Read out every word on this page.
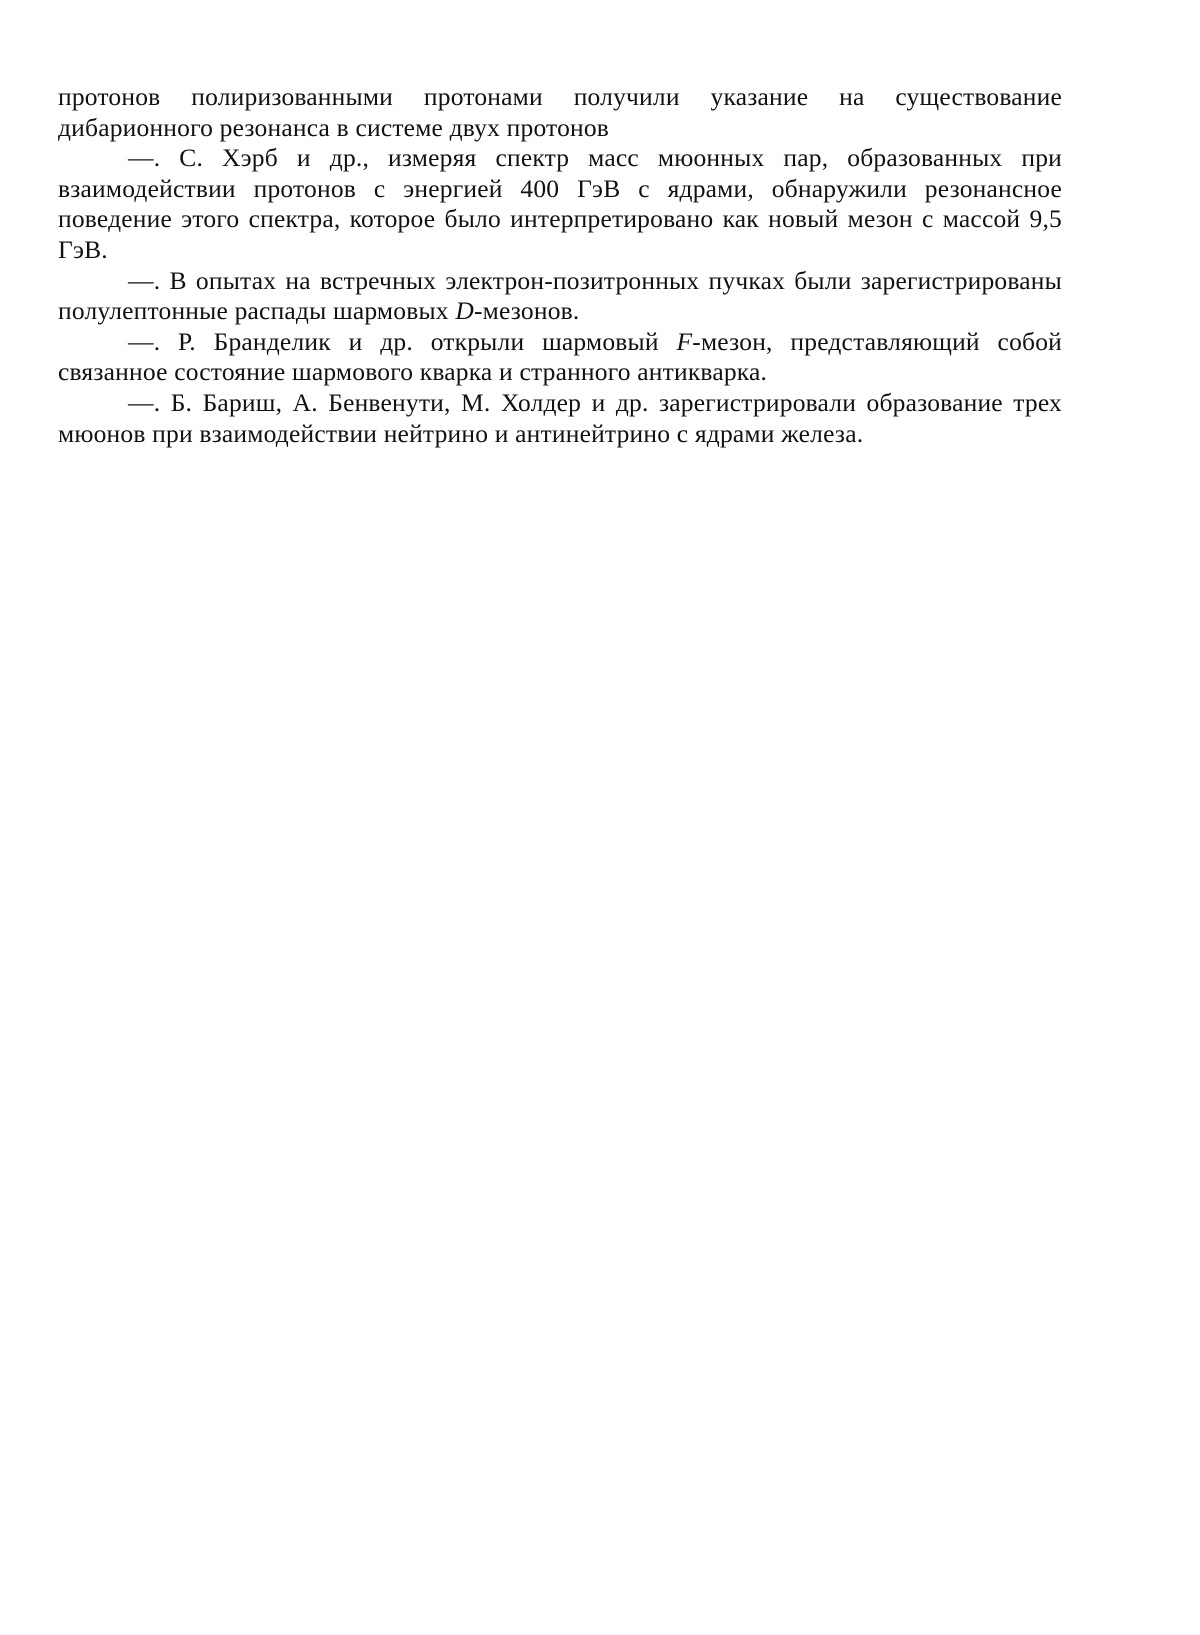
протонов полиризованными протонами получили указание на существование дибарионного резонанса в системе двух протонов

—. С. Хэрб и др., измеряя спектр масс мюонных пар, образованных при взаимодействии протонов с энергией 400 ГэВ с ядрами, обнаружили резонансное поведение этого спектра, которое было интерпретировано как новый мезон с массой 9,5 ГэВ.

—. В опытах на встречных электрон-позитронных пучках были зарегистрированы полулептонные распады шармовых D-мезонов.

—. Р. Бранделик и др. открыли шармовый F-мезон, представляющий собой связанное состояние шармового кварка и странного антикварка.

—. Б. Бариш, А. Бенвенути, М. Холдер и др. зарегистрировали образование трех мюонов при взаимодействии нейтрино и антинейтрино с ядрами железа.
